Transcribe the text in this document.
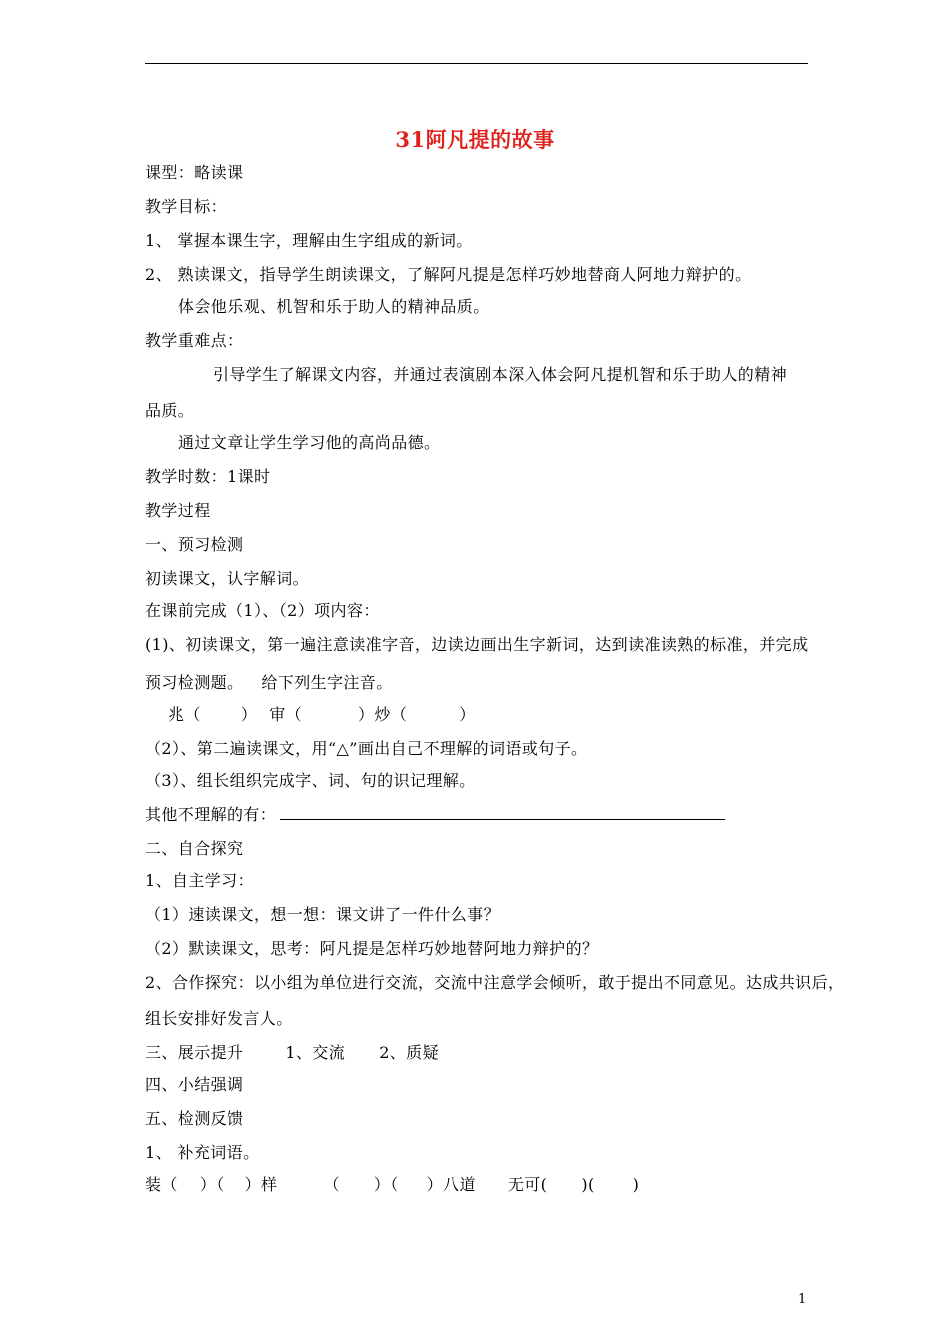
31阿凡提的故事
课型：略读课
教学目标：
1、 掌握本课生字，理解由生字组成的新词。
2、 熟读课文，指导学生朗读课文，了解阿凡提是怎样巧妙地替商人阿地力辩护的。
体会他乐观、机智和乐于助人的精神品质。
教学重难点：
引导学生了解课文内容，并通过表演剧本深入体会阿凡提机智和乐于助人的精神
品质。
通过文章让学生学习他的高尚品德。
教学时数：1课时
教学过程
一、预习检测
初读课文，认字解词。
在课前完成（1）、（2）项内容：
(1)、初读课文，第一遍注意读准字音，边读边画出生字新词，达到读准读熟的标准，并完成
预习检测题。 给下列生字注音。
兆（	） 审（	）炒（	）
（2）、第二遍读课文，用“△”画出自己不理解的词语或句子。
（3）、组长组织完成字、词、句的识记理解。
其他不理解的有：
二、自合探究
1、自主学习：
（1）速读课文，想一想：课文讲了一件什么事？
（2）默读课文，思考：阿凡提是怎样巧妙地替阿地力辩护的？
2、合作探究：以小组为单位进行交流，交流中注意学会倾听，敢于提出不同意见。达成共识后，
组长安排好发言人。
三、展示提升	1、交流 2、质疑
四、小结强调
五、检测反馈
1、 补充词语。
装（ ）（ ）样	（ ）（ ）八道 无可( )( )
1
